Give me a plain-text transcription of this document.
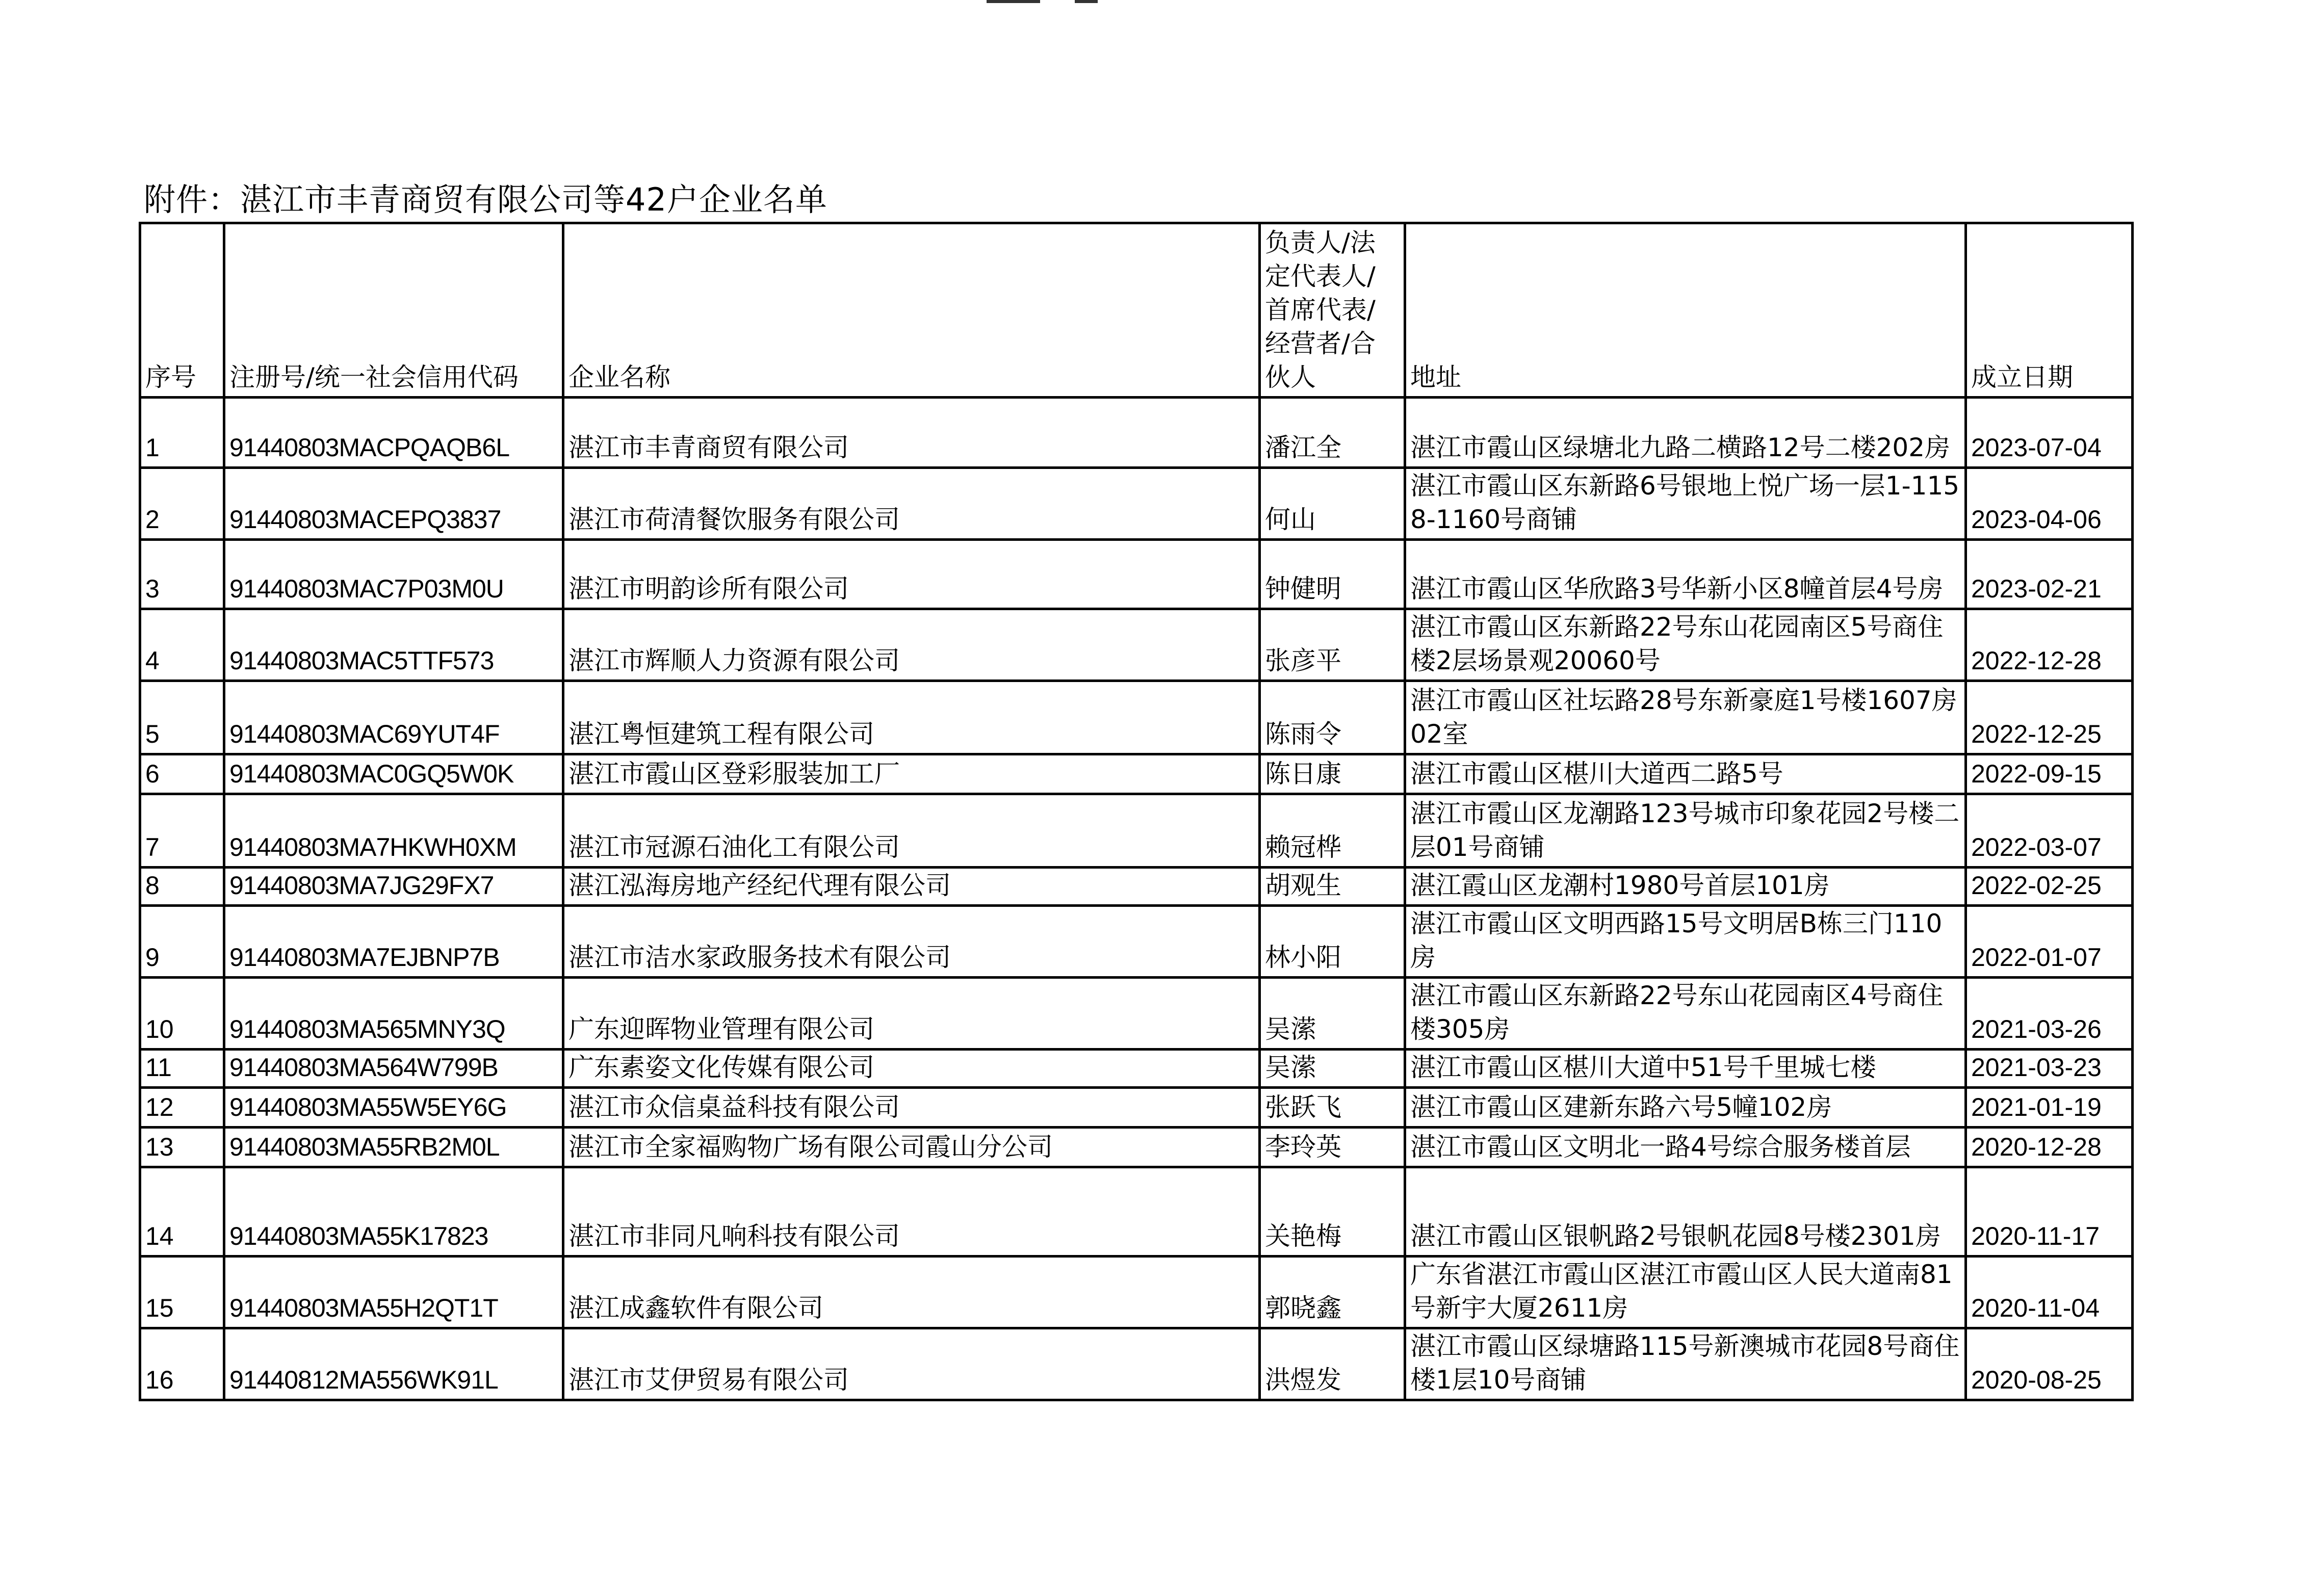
附件：湛江市丰青商贸有限公司等42户企业名单
序号	注册号/统一社会信用代码	企业名称	负责人/法
定代表人/
首席代表/
经营者/合
伙人	地址	成立日期
1	91440803MACPQAQB6L	湛江市丰青商贸有限公司	潘江全	湛江市霞山区绿塘北九路二横路12号二楼202房	2023-07-04
2	91440803MACEPQ3837	湛江市荷清餐饮服务有限公司	何山	湛江市霞山区东新路6号银地上悦广场一层1-1158-1160号商铺	2023-04-06
3	91440803MAC7P03M0U	湛江市明韵诊所有限公司	钟健明	湛江市霞山区华欣路3号华新小区8幢首层4号房	2023-02-21
4	91440803MAC5TTF573	湛江市辉顺人力资源有限公司	张彦平	湛江市霞山区东新路22号东山花园南区5号商住楼2层场景观20060号	2022-12-28
5	91440803MAC69YUT4F	湛江粤恒建筑工程有限公司	陈雨令	湛江市霞山区社坛路28号东新豪庭1号楼1607房02室	2022-12-25
6	91440803MAC0GQ5W0K	湛江市霞山区登彩服装加工厂	陈日康	湛江市霞山区椹川大道西二路5号	2022-09-15
7	91440803MA7HKWH0XM	湛江市冠源石油化工有限公司	赖冠桦	湛江市霞山区龙潮路123号城市印象花园2号楼二层01号商铺	2022-03-07
8	91440803MA7JG29FX7	湛江泓海房地产经纪代理有限公司	胡观生	湛江霞山区龙潮村1980号首层101房	2022-02-25
9	91440803MA7EJBNP7B	湛江市洁水家政服务技术有限公司	林小阳	湛江市霞山区文明西路15号文明居B栋三门110房	2022-01-07
10	91440803MA565MNY3Q	广东迎晖物业管理有限公司	吴潆	湛江市霞山区东新路22号东山花园南区4号商住楼305房	2021-03-26
11	91440803MA564W799B	广东素姿文化传媒有限公司	吴潆	湛江市霞山区椹川大道中51号千里城七楼	2021-03-23
12	91440803MA55W5EY6G	湛江市众信桌益科技有限公司	张跃飞	湛江市霞山区建新东路六号5幢102房	2021-01-19
13	91440803MA55RB2M0L	湛江市全家福购物广场有限公司霞山分公司	李玲英	湛江市霞山区文明北一路4号综合服务楼首层	2020-12-28
14	91440803MA55K17823	湛江市非同凡响科技有限公司	关艳梅	湛江市霞山区银帆路2号银帆花园8号楼2301房	2020-11-17
15	91440803MA55H2QT1T	湛江成鑫软件有限公司	郭晓鑫	广东省湛江市霞山区湛江市霞山区人民大道南81号新宇大厦2611房	2020-11-04
16	91440812MA556WK91L	湛江市艾伊贸易有限公司	洪煜发	湛江市霞山区绿塘路115号新澳城市花园8号商住楼1层10号商铺	2020-08-25
